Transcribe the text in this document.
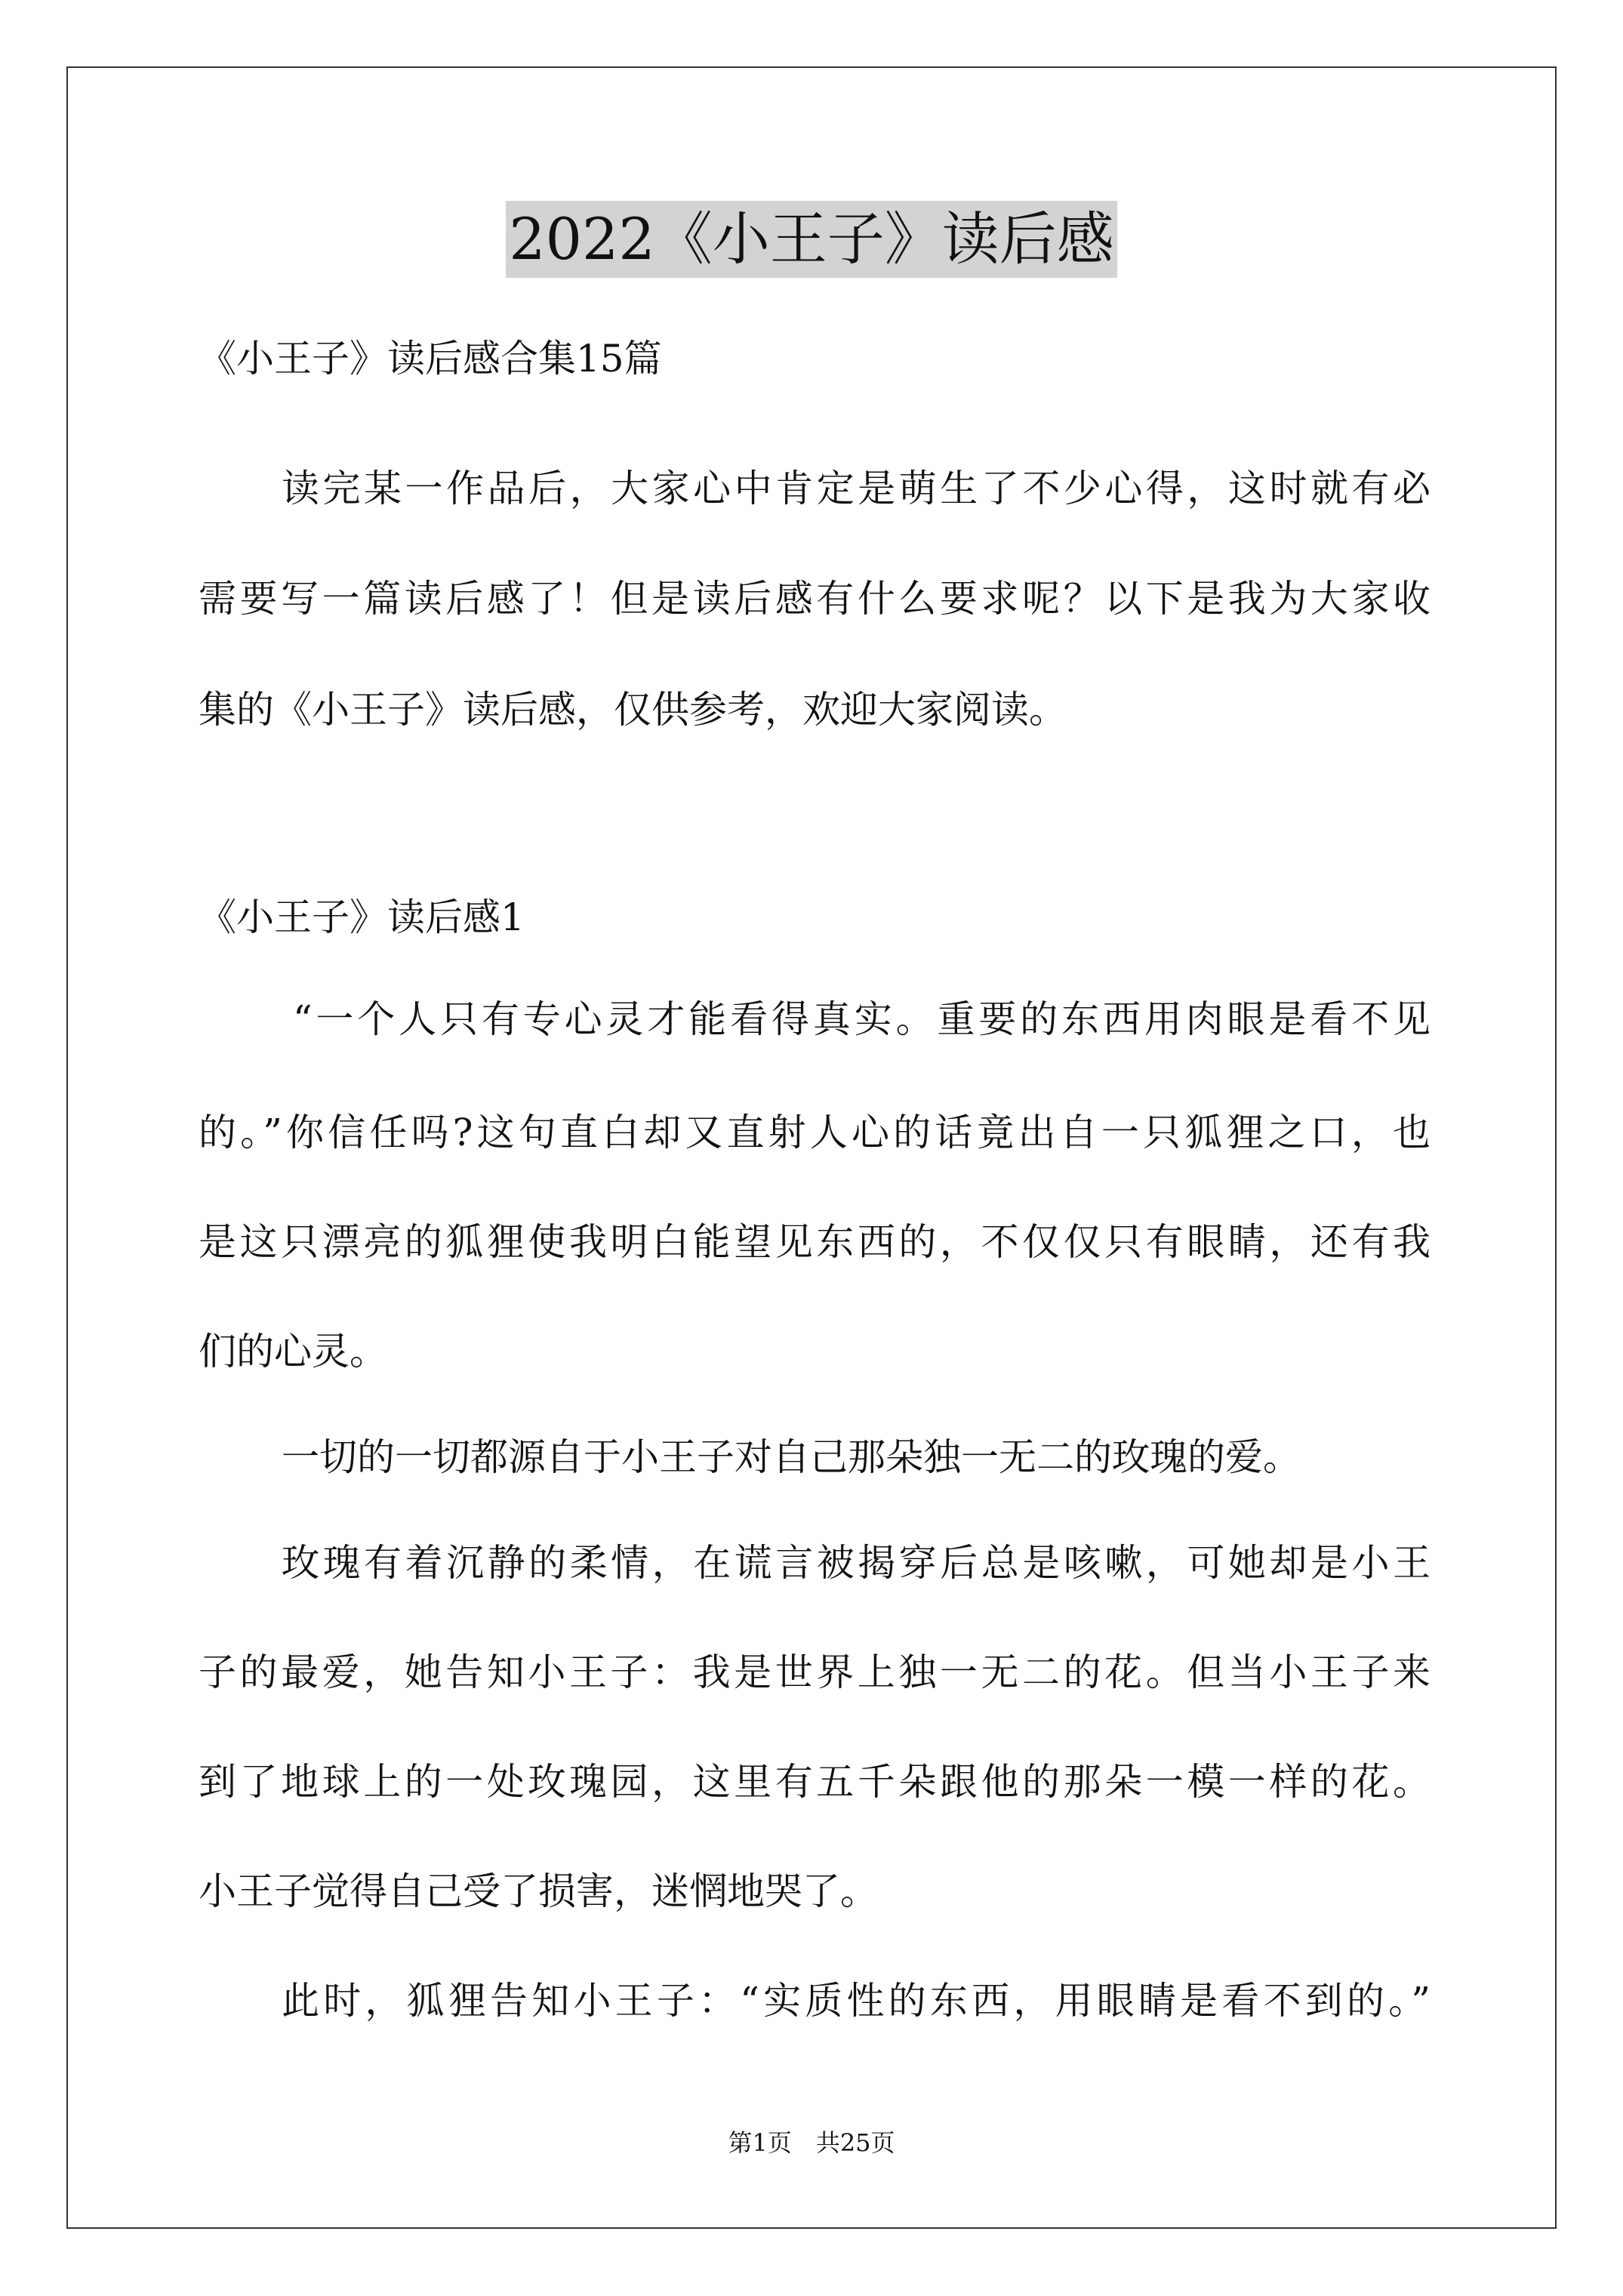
2022《小王子》读后感
《小王子》读后感合集15篇
读完某一作品后，大家心中肯定是萌生了不少心得，这时就有必
需要写一篇读后感了！但是读后感有什么要求呢？以下是我为大家收
集的《小王子》读后感，仅供参考，欢迎大家阅读。
《小王子》读后感1
“一个人只有专心灵才能看得真实。重要的东西用肉眼是看不见
的。”你信任吗?这句直白却又直射人心的话竟出自一只狐狸之口，也
是这只漂亮的狐狸使我明白能望见东西的，不仅仅只有眼睛，还有我
们的心灵。
一切的一切都源自于小王子对自己那朵独一无二的玫瑰的爱。
玫瑰有着沉静的柔情，在谎言被揭穿后总是咳嗽，可她却是小王
子的最爱，她告知小王子：我是世界上独一无二的花。但当小王子来
到了地球上的一处玫瑰园，这里有五千朵跟他的那朵一模一样的花。
小王子觉得自己受了损害，迷惘地哭了。
此时，狐狸告知小王子：“实质性的东西，用眼睛是看不到的。”
第1页　共25页
